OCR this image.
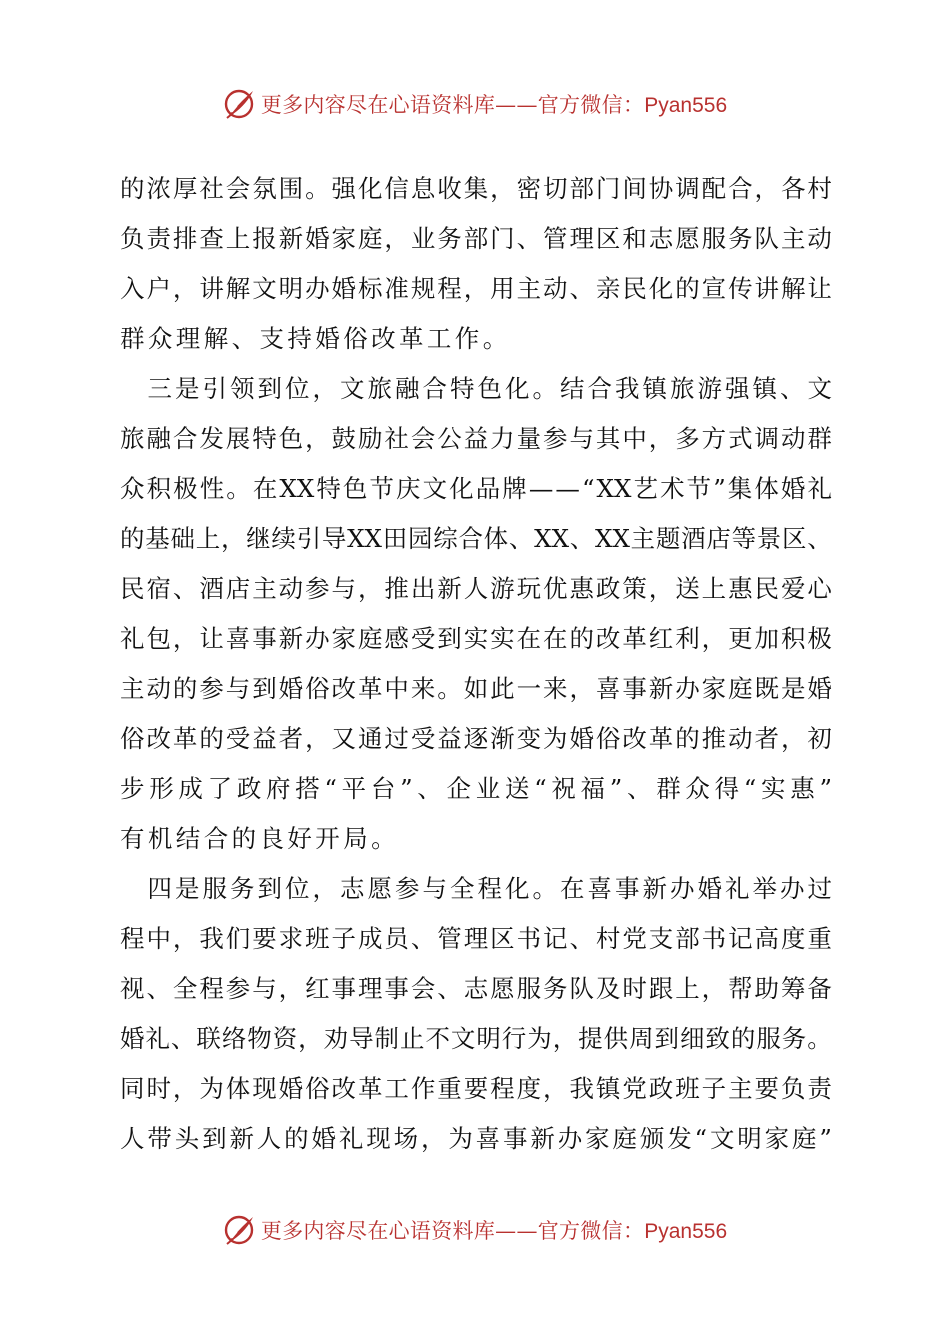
更多内容尽在心语资料库——官方微信：Pyan556
的 浓 厚 社 会 氛 围 。 强 化 信 息 收 集 ， 密 切 部 门 间 协 调 配 合 ， 各 村
负 责 排 查 上 报 新 婚 家 庭 ， 业 务 部 门 、 管 理 区 和 志 愿 服 务 队 主 动
入 户 ， 讲 解 文 明 办 婚 标 准 规 程 ， 用 主 动 、 亲 民 化 的 宣 传 讲 解 让
群众理解、支持婚俗改革工作。

三 是 引 领 到 位 ， 文 旅 融 合 特 色 化 。 结 合 我 镇 旅 游 强 镇 、 文
旅 融 合 发 展 特 色 ， 鼓 励 社 会 公 益 力 量 参 与 其 中 ， 多 方 式 调 动 群
众 积 极 性 。 在 XX 特 色 节 庆 文 化 品 牌 — — “ XX 艺 术 节 ” 集 体 婚 礼
的 基 础 上 ， 继 续 引 导 XX 田 园 综 合 体 、 XX 、 XX 主 题 酒 店 等 景 区 、
民 宿 、 酒 店 主 动 参 与 ， 推 出 新 人 游 玩 优 惠 政 策 ， 送 上 惠 民 爱 心
礼 包 ， 让 喜 事 新 办 家 庭 感 受 到 实 实 在 在 的 改 革 红 利 ， 更 加 积 极
主 动 的 参 与 到 婚 俗 改 革 中 来 。 如 此 一 来 ， 喜 事 新 办 家 庭 既 是 婚
俗 改 革 的 受 益 者 ， 又 通 过 受 益 逐 渐 变 为 婚 俗 改 革 的 推 动 者 ， 初
步 形 成 了 政 府 搭 “ 平 台 ” 、 企 业 送 “ 祝 福 ” 、 群 众 得 “ 实 惠 ”
有机结合的良好开局。

四 是 服 务 到 位 ， 志 愿 参 与 全 程 化 。 在 喜 事 新 办 婚 礼 举 办 过
程 中 ， 我 们 要 求 班 子 成 员 、 管 理 区 书 记 、 村 党 支 部 书 记 高 度 重
视 、 全 程 参 与 ， 红 事 理 事 会 、 志 愿 服 务 队 及 时 跟 上 ， 帮 助 筹 备
婚 礼 、 联 络 物 资 ， 劝 导 制 止 不 文 明 行 为 ， 提 供 周 到 细 致 的 服 务 。
同 时 ， 为 体 现 婚 俗 改 革 工 作 重 要 程 度 ， 我 镇 党 政 班 子 主 要 负 责
人 带 头 到 新 人 的 婚 礼 现 场 ， 为 喜 事 新 办 家 庭 颁 发 “ 文 明 家 庭 ”
更多内容尽在心语资料库——官方微信：Pyan556
